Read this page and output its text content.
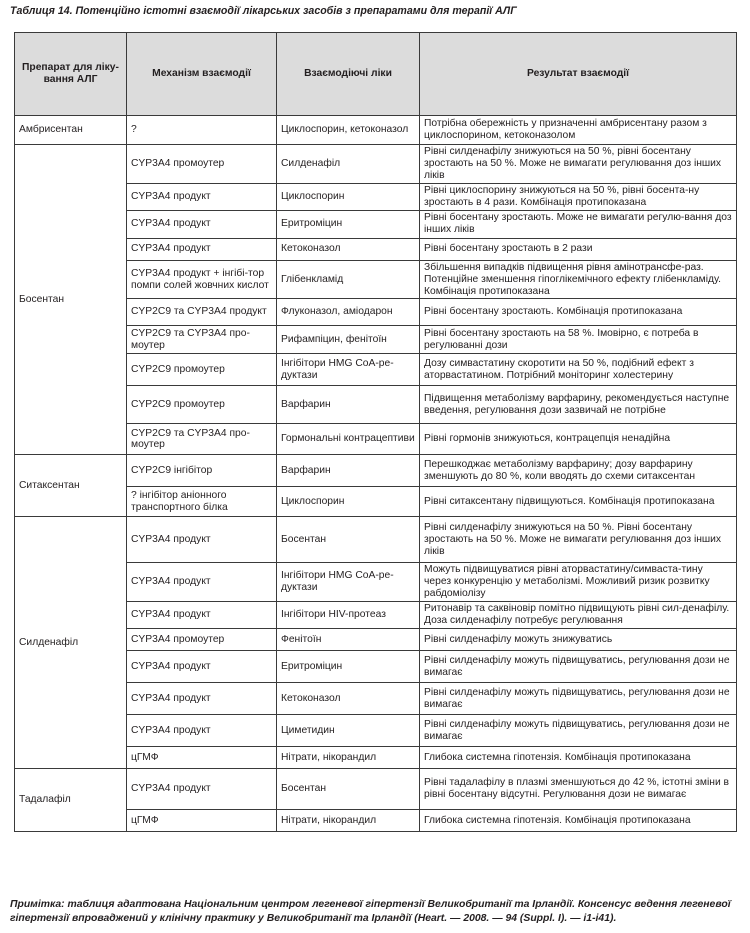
Таблиця 14. Потенційно істотні взаємодії лікарських засобів з препаратами для терапії АЛГ
Препарат для ліку-вання АЛГ	Механізм взаємодії	Взаємодіючі ліки	Результат взаємодії
Амбрисентан	?	Циклоспорин, кетоконазол	Потрібна обережність у призначенні амбрисентану разом з циклоспорином, кетоконазолом
Босентан	CYP3A4 промоутер	Силденафіл	Рівні силденафілу знижуються на 50 %, рівні босентану зростають на 50 %. Може не вимагати регулювання доз інших ліків
	CYP3A4 продукт	Циклоспорин	Рівні циклоспорину знижуються на 50 %, рівні босента-ну зростають в 4 рази. Комбінація протипоказана
	CYP3A4 продукт	Еритроміцин	Рівні босентану зростають. Може не вимагати регулю-вання доз інших ліків
	CYP3A4 продукт	Кетоконазол	Рівні босентану зростають в 2 рази
	CYP3A4 продукт + інгібі-тор помпи солей жовчних кислот	Глібенкламід	Збільшення випадків підвищення рівня амінотрансфе-раз. Потенційне зменшення гіпоглікемічного ефекту глібенкламіду. Комбінація протипоказана
	CYP2C9 та CYP3A4 продукт	Флуконазол, аміодарон	Рівні босентану зростають. Комбінація протипоказана
	CYP2C9 та CYP3A4 про-моутер	Рифампіцин, фенітоїн	Рівні босентану зростають на 58 %. Імовірно, є потреба в регулюванні дози
	CYP2C9 промоутер	Інгібітори HMG CoA-ре-дуктази	Дозу симвастатину скоротити на 50 %, подібний ефект з аторвастатином. Потрібний моніторинг холестерину
	CYP2C9 промоутер	Варфарин	Підвищення метаболізму варфарину, рекомендується наступне введення, регулювання дози зазвичай не потрібне
	CYP2C9 та CYP3A4 про-моутер	Гормональні контрацептиви	Рівні гормонів знижуються, контрацепція ненадійна
Ситаксентан	CYP2C9 інгібітор	Варфарин	Перешкоджає метаболізму варфарину; дозу варфарину зменшують до 80 %, коли вводять до схеми ситаксентан
	? інгібітор аніонного транспортного білка	Циклоспорин	Рівні ситаксентану підвищуються. Комбінація протипоказана
Силденафіл	CYP3A4 продукт	Босентан	Рівні силденафілу знижуються на 50 %. Рівні босентану зростають на 50 %. Може не вимагати регулювання доз інших ліків
	CYP3A4 продукт	Інгібітори HMG CoA-ре-дуктази	Можуть підвищуватися рівні аторвастатину/симваста-тину через конкуренцію у метаболізмі. Можливий ризик розвитку рабдоміолізу
	CYP3A4 продукт	Інгібітори HIV-протеаз	Ритонавір та саквіновір помітно підвищують рівні сил-денафілу. Доза силденафілу потребує регулювання
	CYP3A4 промоутер	Фенітоїн	Рівні силденафілу можуть знижуватись
	CYP3A4 продукт	Еритроміцин	Рівні силденафілу можуть підвищуватись, регулювання дози не вимагає
	CYP3A4 продукт	Кетоконазол	Рівні силденафілу можуть підвищуватись, регулювання дози не вимагає
	CYP3A4 продукт	Циметидин	Рівні силденафілу можуть підвищуватись, регулювання дози не вимагає
	цГМФ	Нітрати, нікорандил	Глибока системна гіпотензія. Комбінація протипоказана
Тадалафіл	CYP3A4 продукт	Босентан	Рівні тадалафілу в плазмі зменшуються до 42 %, істотні зміни в рівні босентану відсутні. Регулювання дози не вимагає
	цГМФ	Нітрати, нікорандил	Глибока системна гіпотензія. Комбінація протипоказана
Примітка: таблиця адаптована Національним центром легеневої гіпертензії Великобританії та Ірландії. Консенсус ведення легеневої гіпертензії впроваджений у клінічну практику у Великобританії та Ірландії (Heart. — 2008. — 94 (Suppl. I). — i1-i41).
